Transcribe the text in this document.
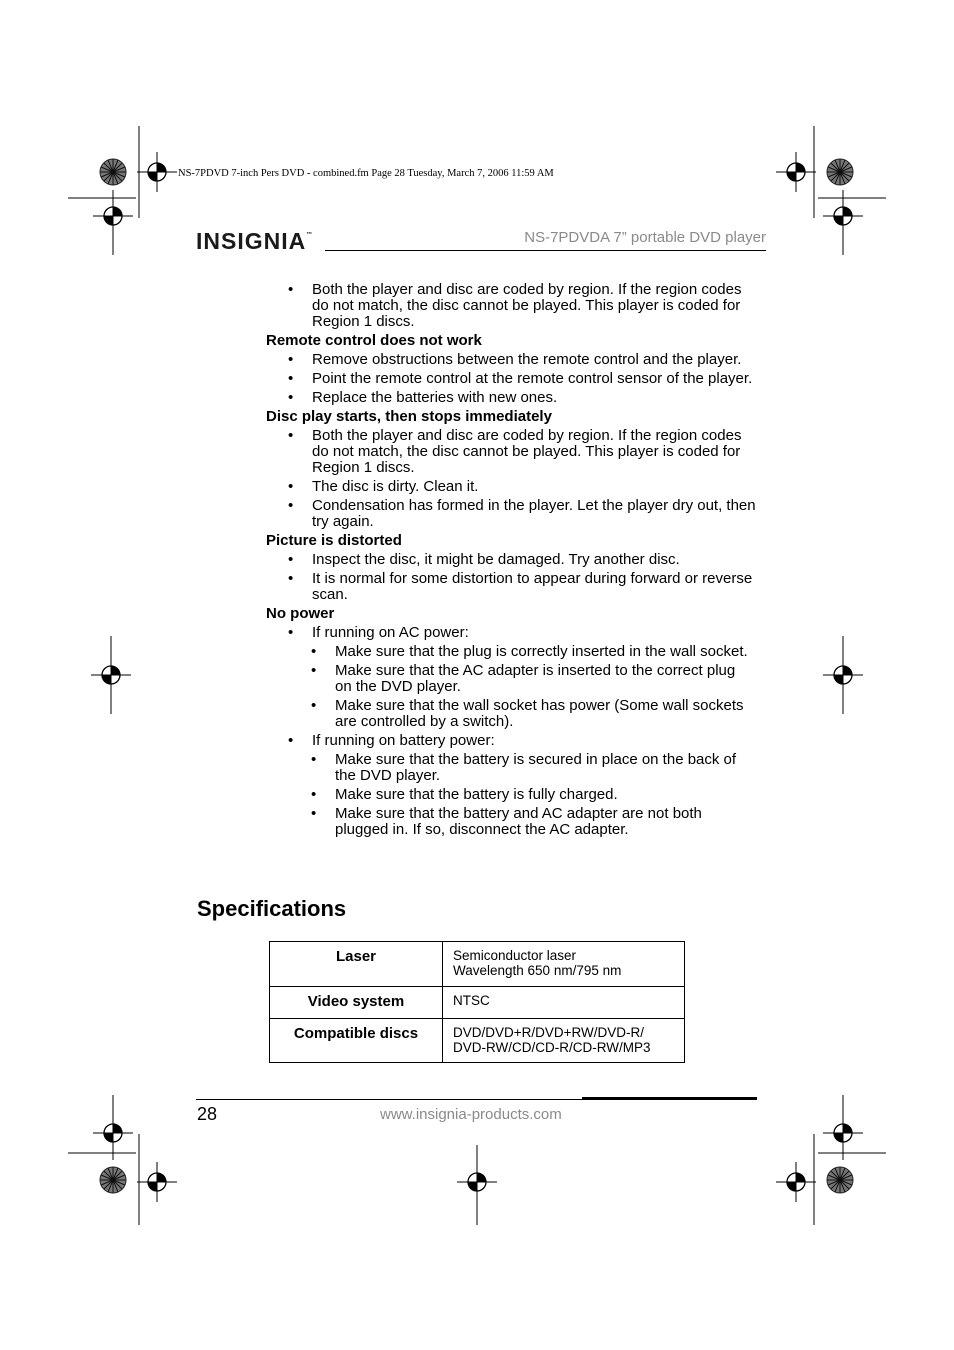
NS-7PDVD 7-inch Pers DVD - combined.fm Page 28 Tuesday, March 7, 2006 11:59 AM
INSIGNIA™	NS-7PDVDA 7” portable DVD player
• Both the player and disc are coded by region. If the region codes do not match, the disc cannot be played. This player is coded for Region 1 discs.
Remote control does not work
• Remove obstructions between the remote control and the player.
• Point the remote control at the remote control sensor of the player.
• Replace the batteries with new ones.
Disc play starts, then stops immediately
• Both the player and disc are coded by region. If the region codes do not match, the disc cannot be played. This player is coded for Region 1 discs.
• The disc is dirty. Clean it.
• Condensation has formed in the player. Let the player dry out, then try again.
Picture is distorted
• Inspect the disc, it might be damaged. Try another disc.
• It is normal for some distortion to appear during forward or reverse scan.
No power
• If running on AC power:
• Make sure that the plug is correctly inserted in the wall socket.
• Make sure that the AC adapter is inserted to the correct plug on the DVD player.
• Make sure that the wall socket has power (Some wall sockets are controlled by a switch).
• If running on battery power:
• Make sure that the battery is secured in place on the back of the DVD player.
• Make sure that the battery is fully charged.
• Make sure that the battery and AC adapter are not both plugged in. If so, disconnect the AC adapter.
Specifications
Laser	Semiconductor laser
Wavelength 650 nm/795 nm
Video system	NTSC
Compatible discs	DVD/DVD+R/DVD+RW/DVD-R/
DVD-RW/CD/CD-R/CD-RW/MP3
28	www.insignia-products.com
